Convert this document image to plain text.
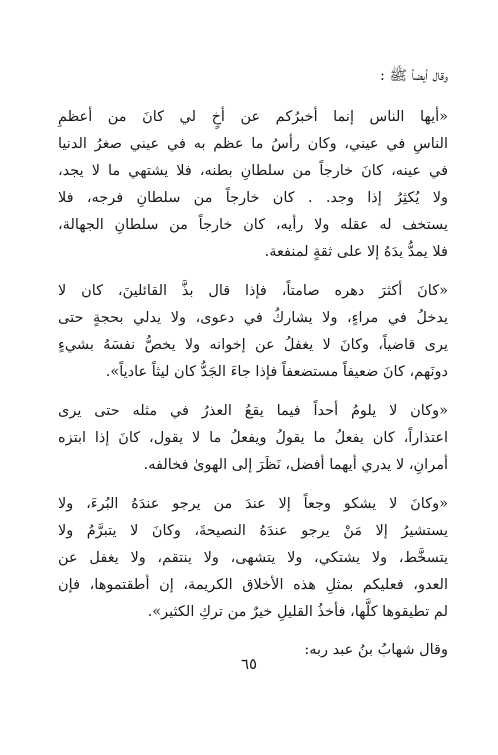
وقال أيضاً ﷺ :

«أيها الناس إنما أخبرُكم عن أخٍ لي كانَ من أعظمِ
الناسِ في عيني، وكان رأسُ ما عظم به في عيني صغرُ الدنيا
في عينه، كانَ خارجاً من سلطانِ بطنه، فلا يشتهي ما لا يجد،
ولا يُكثِرُ إذا وجد. . كان خارجاً من سلطانِ فرجه، فلا
يستخف له عقله ولا رأيه، كان خارجاً من سلطانِ الجهالة،
فلا يمدُّ يدَهُ إلا على ثقةٍ لمنفعة.
«كانَ أكثرَ دهره صامتاً، فإذا قال بذَّ القائلينَ، كان لا
يدخلُ في مراءٍ، ولا يشاركُ في دعوى، ولا يدلي بحجةٍ حتى
يرى قاضياً، وكانَ لا يغفلُ عن إخوانه ولا يخصُّ نفسَهُ بشيءٍ
دونَهم، كانَ ضعيفاً مستضعفاً فإذا جاءَ الجَدُّ كان ليثاً عادياً».
«وكان لا يلومُ أحداً فيما يقعُ العذرُ في مثله حتى يرى
اعتذاراً، كان يفعلُ ما يقولُ ويفعلُ ما لا يقول، كانَ إذا ابتزه
أمرانِ، لا يدري أيهما أفضل، نَظَرَ إلى الهوىٰ فخالفه.
«وكانَ لا يشكو وجعاً إلا عندَ من يرجو عندَهُ البُرءَ، ولا
يستشيرُ إلا مَنْ يرجو عندَهُ النصيحةَ، وكانَ لا يتبرَّمُ ولا
يتسخَّط، ولا يشتكي، ولا يتشهى، ولا ينتقم، ولا يغفل عن
العدو، فعليكم بمثلِ هذه الأخلاق الكريمة، إن أطقتموها، فإن
لم تطيقوها كلَّها، فأخذُ القليلِ خيرٌ من تركِ الكثير».

وقال شهابُ بنُ عبد ربه:

٦٥
